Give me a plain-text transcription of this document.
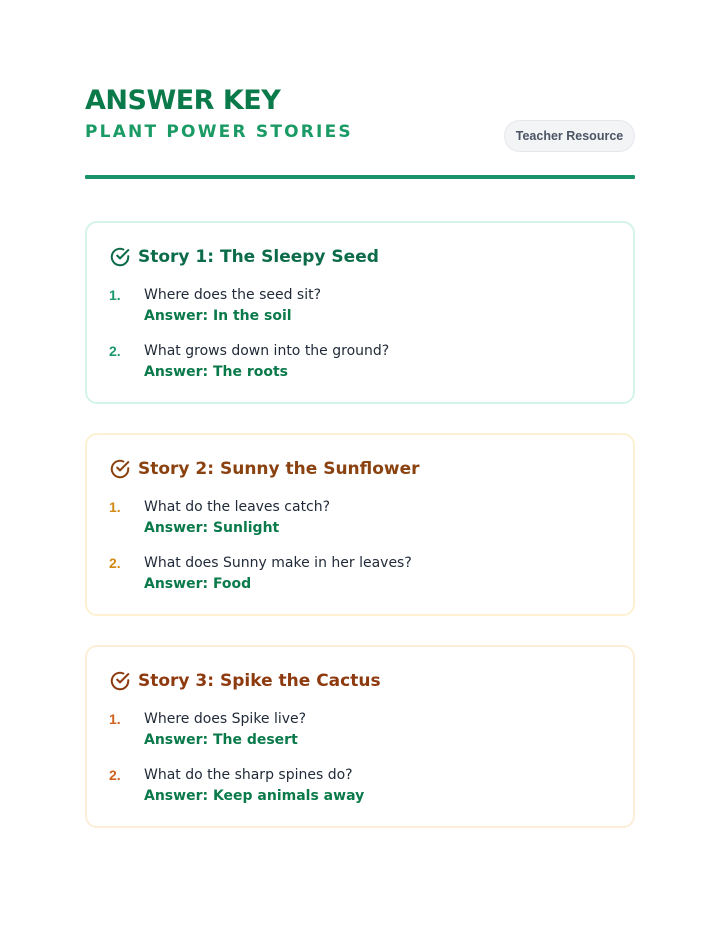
ANSWER KEY
PLANT POWER STORIES	Teacher Resource
Story 1: The Sleepy Seed
1. Where does the seed sit?
Answer: In the soil
2. What grows down into the ground?
Answer: The roots
Story 2: Sunny the Sunflower
1. What do the leaves catch?
Answer: Sunlight
2. What does Sunny make in her leaves?
Answer: Food
Story 3: Spike the Cactus
1. Where does Spike live?
Answer: The desert
2. What do the sharp spines do?
Answer: Keep animals away
